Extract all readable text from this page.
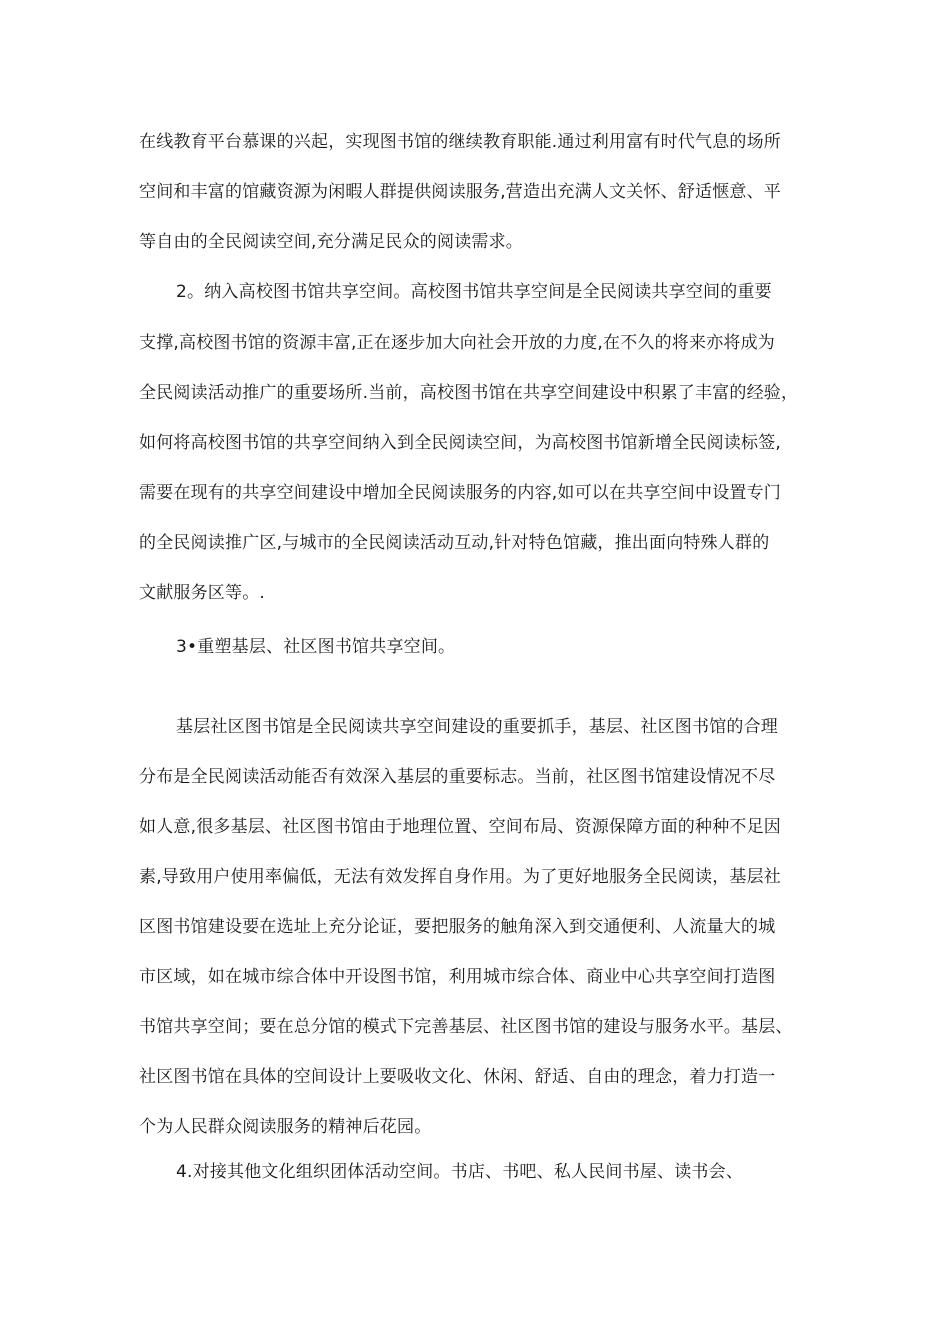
在线教育平台慕课的兴起，实现图书馆的继续教育职能.通过利用富有时代气息的场所
空间和丰富的馆藏资源为闲暇人群提供阅读服务,营造出充满人文关怀、舒适惬意、平
等自由的全民阅读空间,充分满足民众的阅读需求。
2。纳入高校图书馆共享空间。高校图书馆共享空间是全民阅读共享空间的重要
支撑,高校图书馆的资源丰富,正在逐步加大向社会开放的力度,在不久的将来亦将成为
全民阅读活动推广的重要场所.当前，高校图书馆在共享空间建设中积累了丰富的经验，
如何将高校图书馆的共享空间纳入到全民阅读空间，为高校图书馆新增全民阅读标签,
需要在现有的共享空间建设中增加全民阅读服务的内容,如可以在共享空间中设置专门
的全民阅读推广区,与城市的全民阅读活动互动,针对特色馆藏，推出面向特殊人群的
文献服务区等。.
3•重塑基层、社区图书馆共享空间。
基层社区图书馆是全民阅读共享空间建设的重要抓手，基层、社区图书馆的合理
分布是全民阅读活动能否有效深入基层的重要标志。当前，社区图书馆建设情况不尽
如人意,很多基层、社区图书馆由于地理位置、空间布局、资源保障方面的种种不足因
素,导致用户使用率偏低，无法有效发挥自身作用。为了更好地服务全民阅读，基层社
区图书馆建设要在选址上充分论证，要把服务的触角深入到交通便利、人流量大的城
市区域，如在城市综合体中开设图书馆，利用城市综合体、商业中心共享空间打造图
书馆共享空间；要在总分馆的模式下完善基层、社区图书馆的建设与服务水平。基层、
社区图书馆在具体的空间设计上要吸收文化、休闲、舒适、自由的理念，着力打造一
个为人民群众阅读服务的精神后花园。
4.对接其他文化组织团体活动空间。书店、书吧、私人民间书屋、读书会、
